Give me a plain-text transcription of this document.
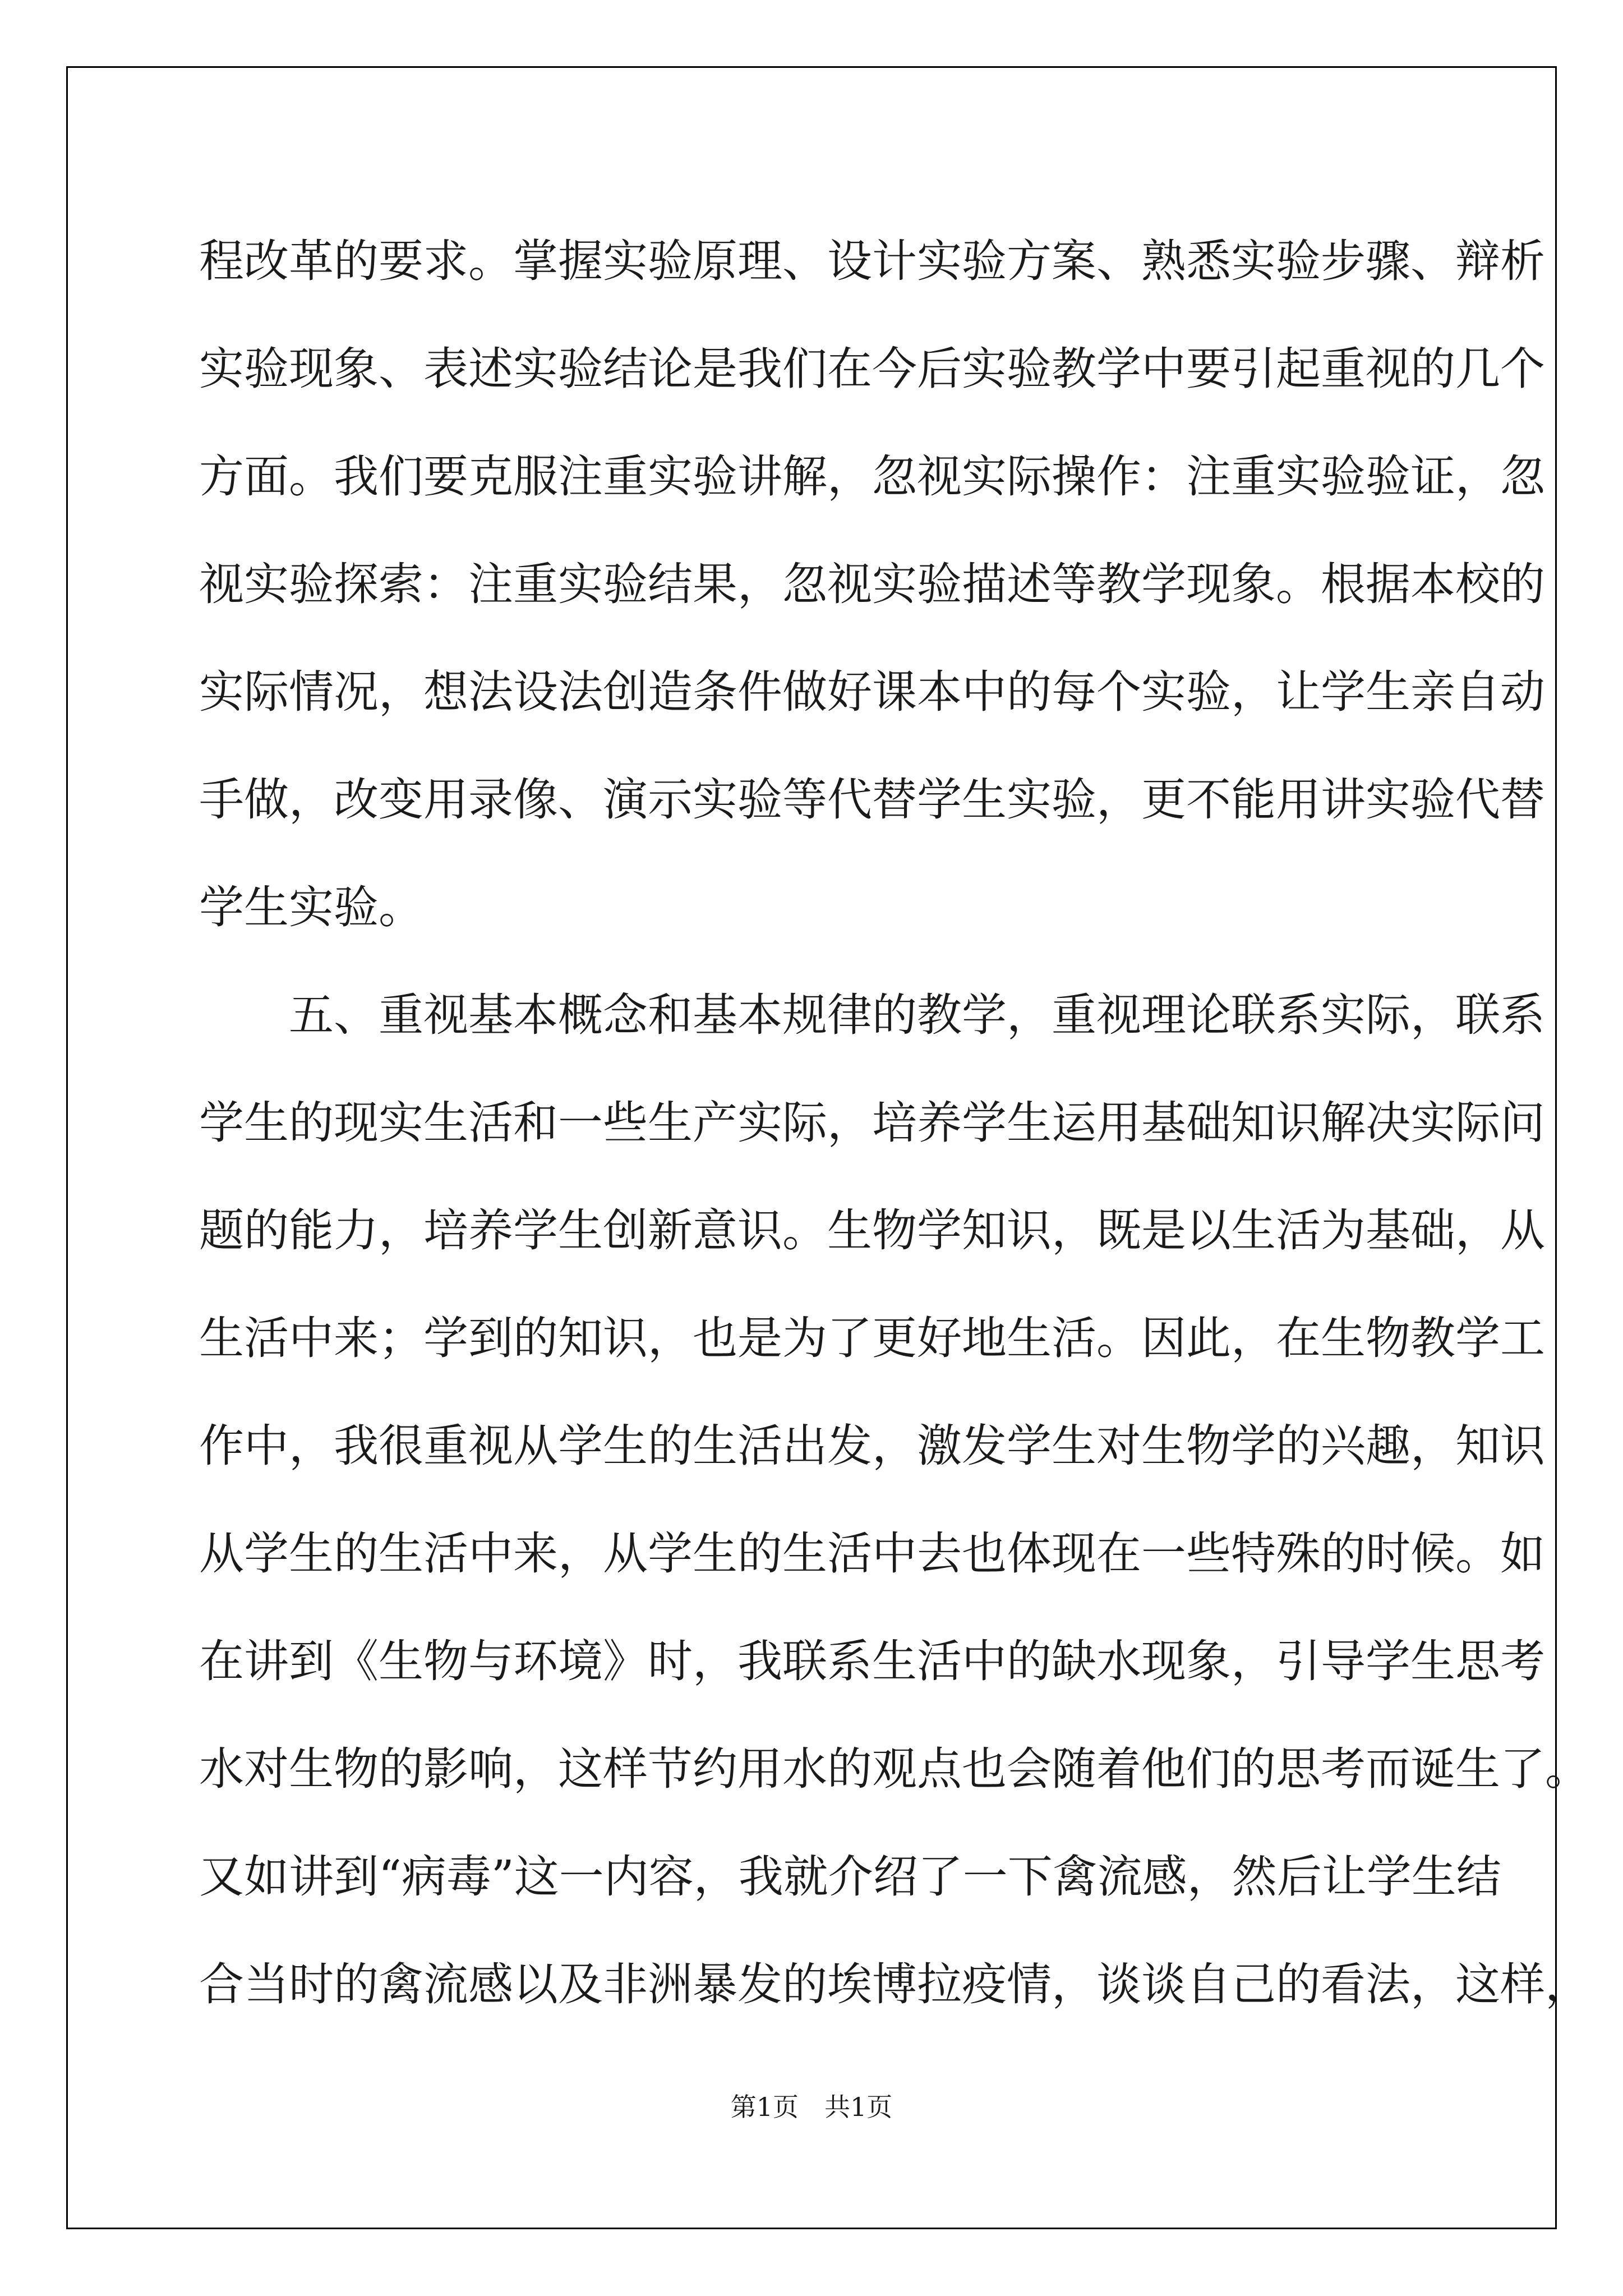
程改革的要求。掌握实验原理、设计实验方案、熟悉实验步骤、辩析
实验现象、表述实验结论是我们在今后实验教学中要引起重视的几个
方面。我们要克服注重实验讲解，忽视实际操作：注重实验验证，忽
视实验探索：注重实验结果，忽视实验描述等教学现象。根据本校的
实际情况，想法设法创造条件做好课本中的每个实验，让学生亲自动
手做，改变用录像、演示实验等代替学生实验，更不能用讲实验代替
学生实验。
五、重视基本概念和基本规律的教学，重视理论联系实际，联系
学生的现实生活和一些生产实际，培养学生运用基础知识解决实际问
题的能力，培养学生创新意识。生物学知识，既是以生活为基础，从
生活中来；学到的知识，也是为了更好地生活。因此，在生物教学工
作中，我很重视从学生的生活出发，激发学生对生物学的兴趣，知识
从学生的生活中来，从学生的生活中去也体现在一些特殊的时候。如
在讲到《生物与环境》时，我联系生活中的缺水现象，引导学生思考
水对生物的影响，这样节约用水的观点也会随着他们的思考而诞生了。
又如讲到“病毒”这一内容，我就介绍了一下禽流感，然后让学生结
合当时的禽流感以及非洲暴发的埃博拉疫情，谈谈自己的看法，这样，
第1页 共1页
